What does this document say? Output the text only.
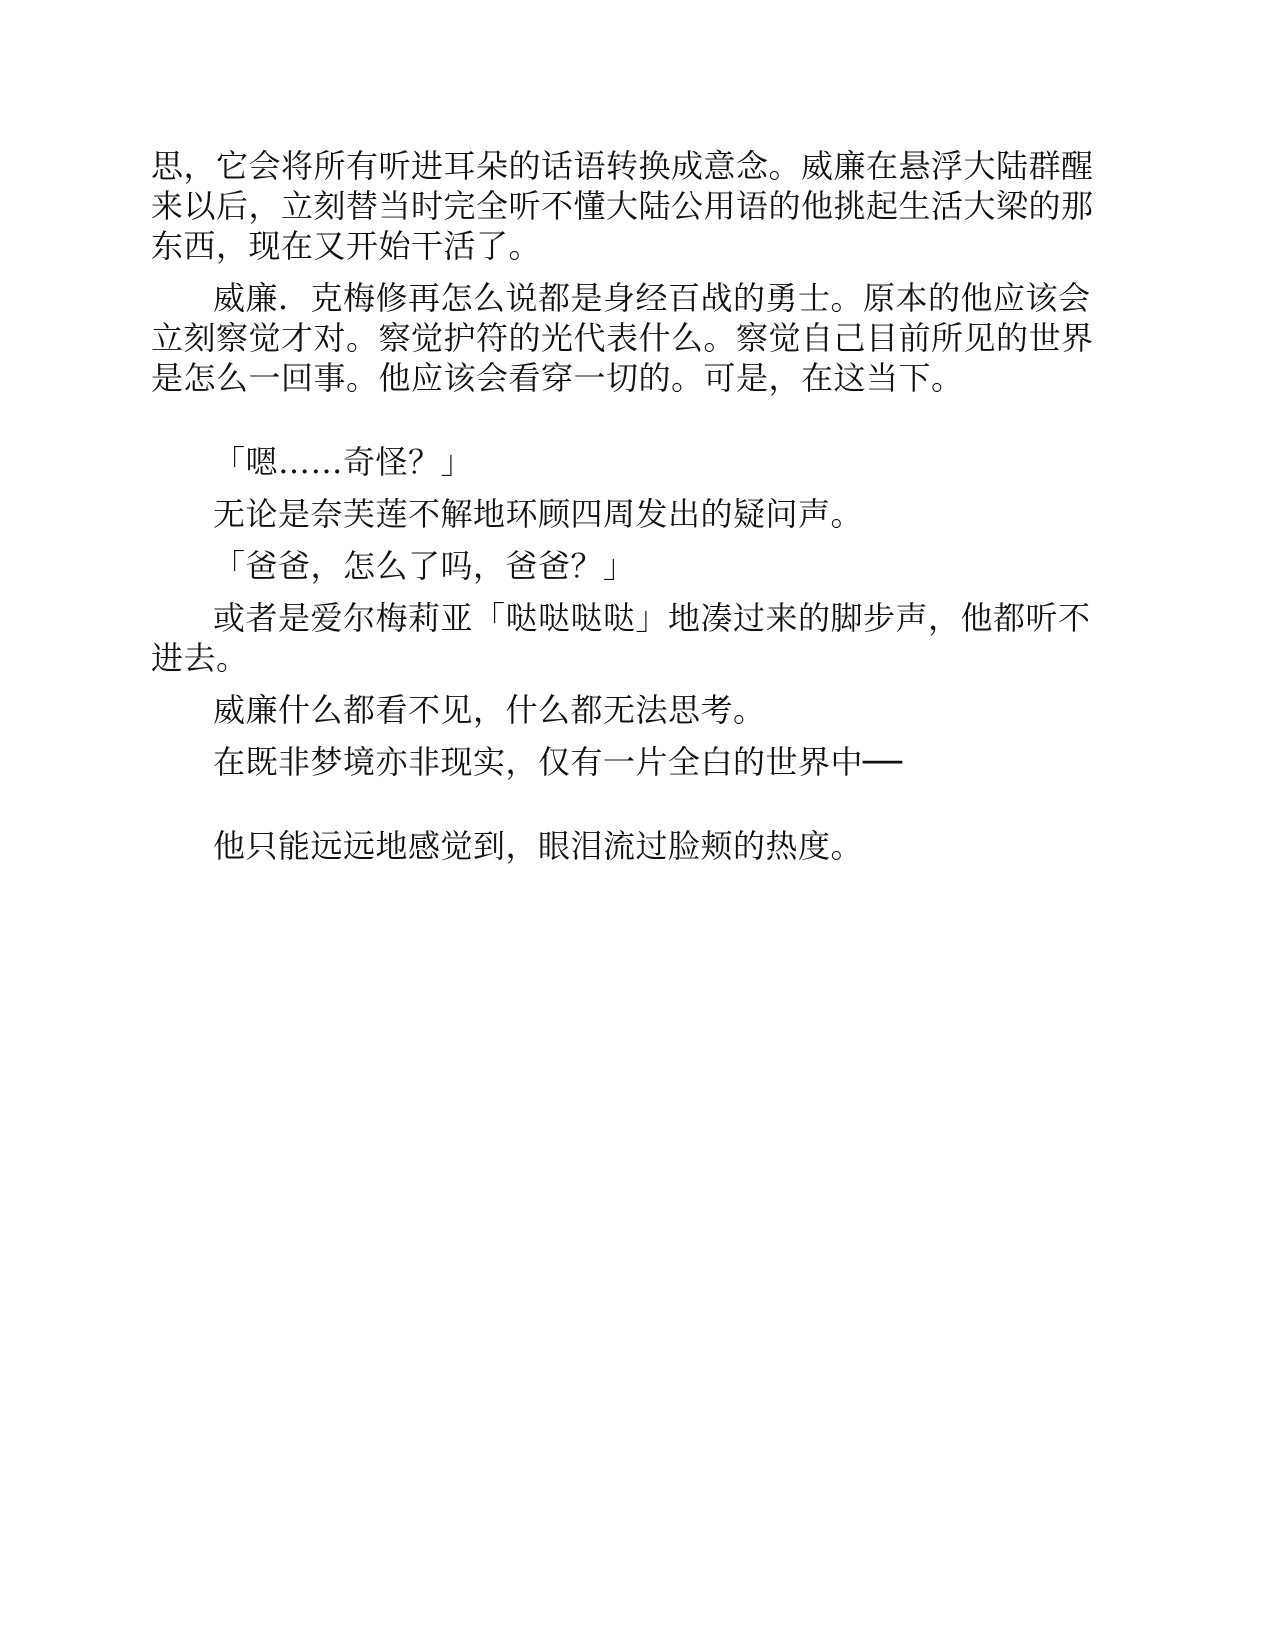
思，它会将所有听进耳朵的话语转换成意念。威廉在悬浮大陆群醒来以后，立刻替当时完全听不懂大陆公用语的他挑起生活大梁的那东西，现在又开始干活了。

威廉．克梅修再怎么说都是身经百战的勇士。原本的他应该会立刻察觉才对。察觉护符的光代表什么。察觉自己目前所见的世界是怎么一回事。他应该会看穿一切的。可是，在这当下。

「嗯……奇怪？」

无论是奈芙莲不解地环顾四周发出的疑问声。

「爸爸，怎么了吗，爸爸？」

或者是爱尔梅莉亚「哒哒哒哒」地凑过来的脚步声，他都听不进去。

威廉什么都看不见，什么都无法思考。

在既非梦境亦非现实，仅有一片全白的世界中──

他只能远远地感觉到，眼泪流过脸颊的热度。
